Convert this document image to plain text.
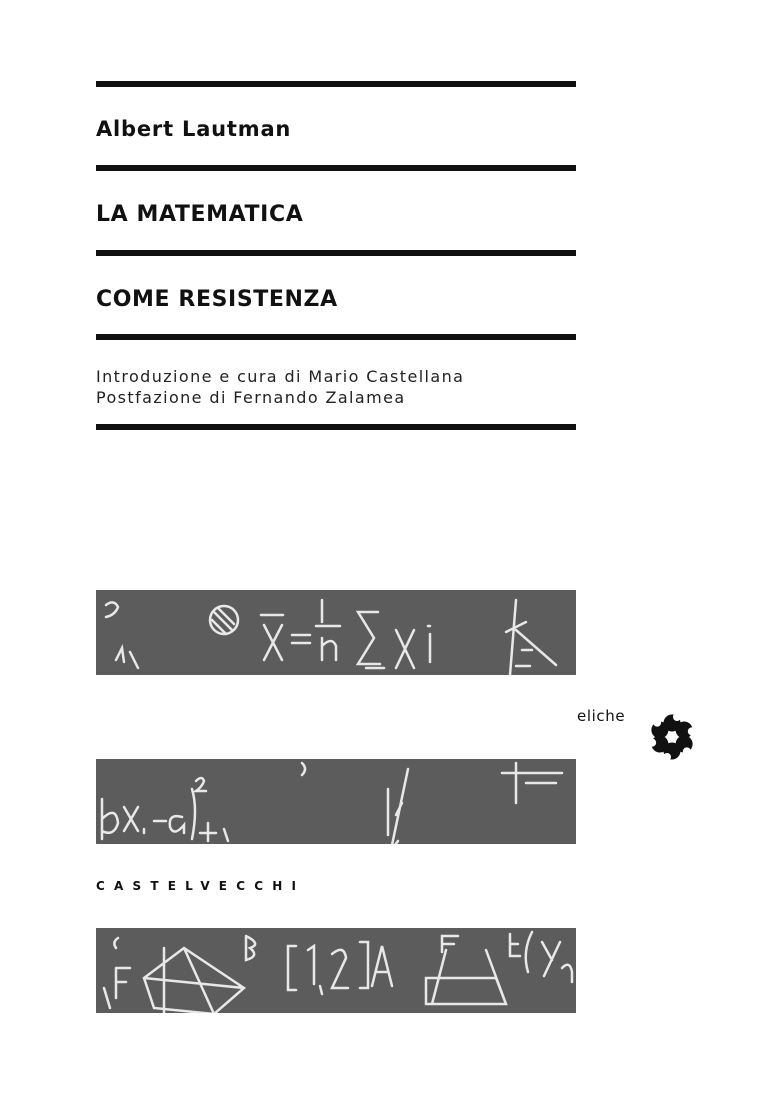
Albert Lautman
LA MATEMATICA
COME RESISTENZA
Introduzione e cura di Mario Castellana
Postfazione di Fernando Zalamea
eliche
CASTELVECCHI
